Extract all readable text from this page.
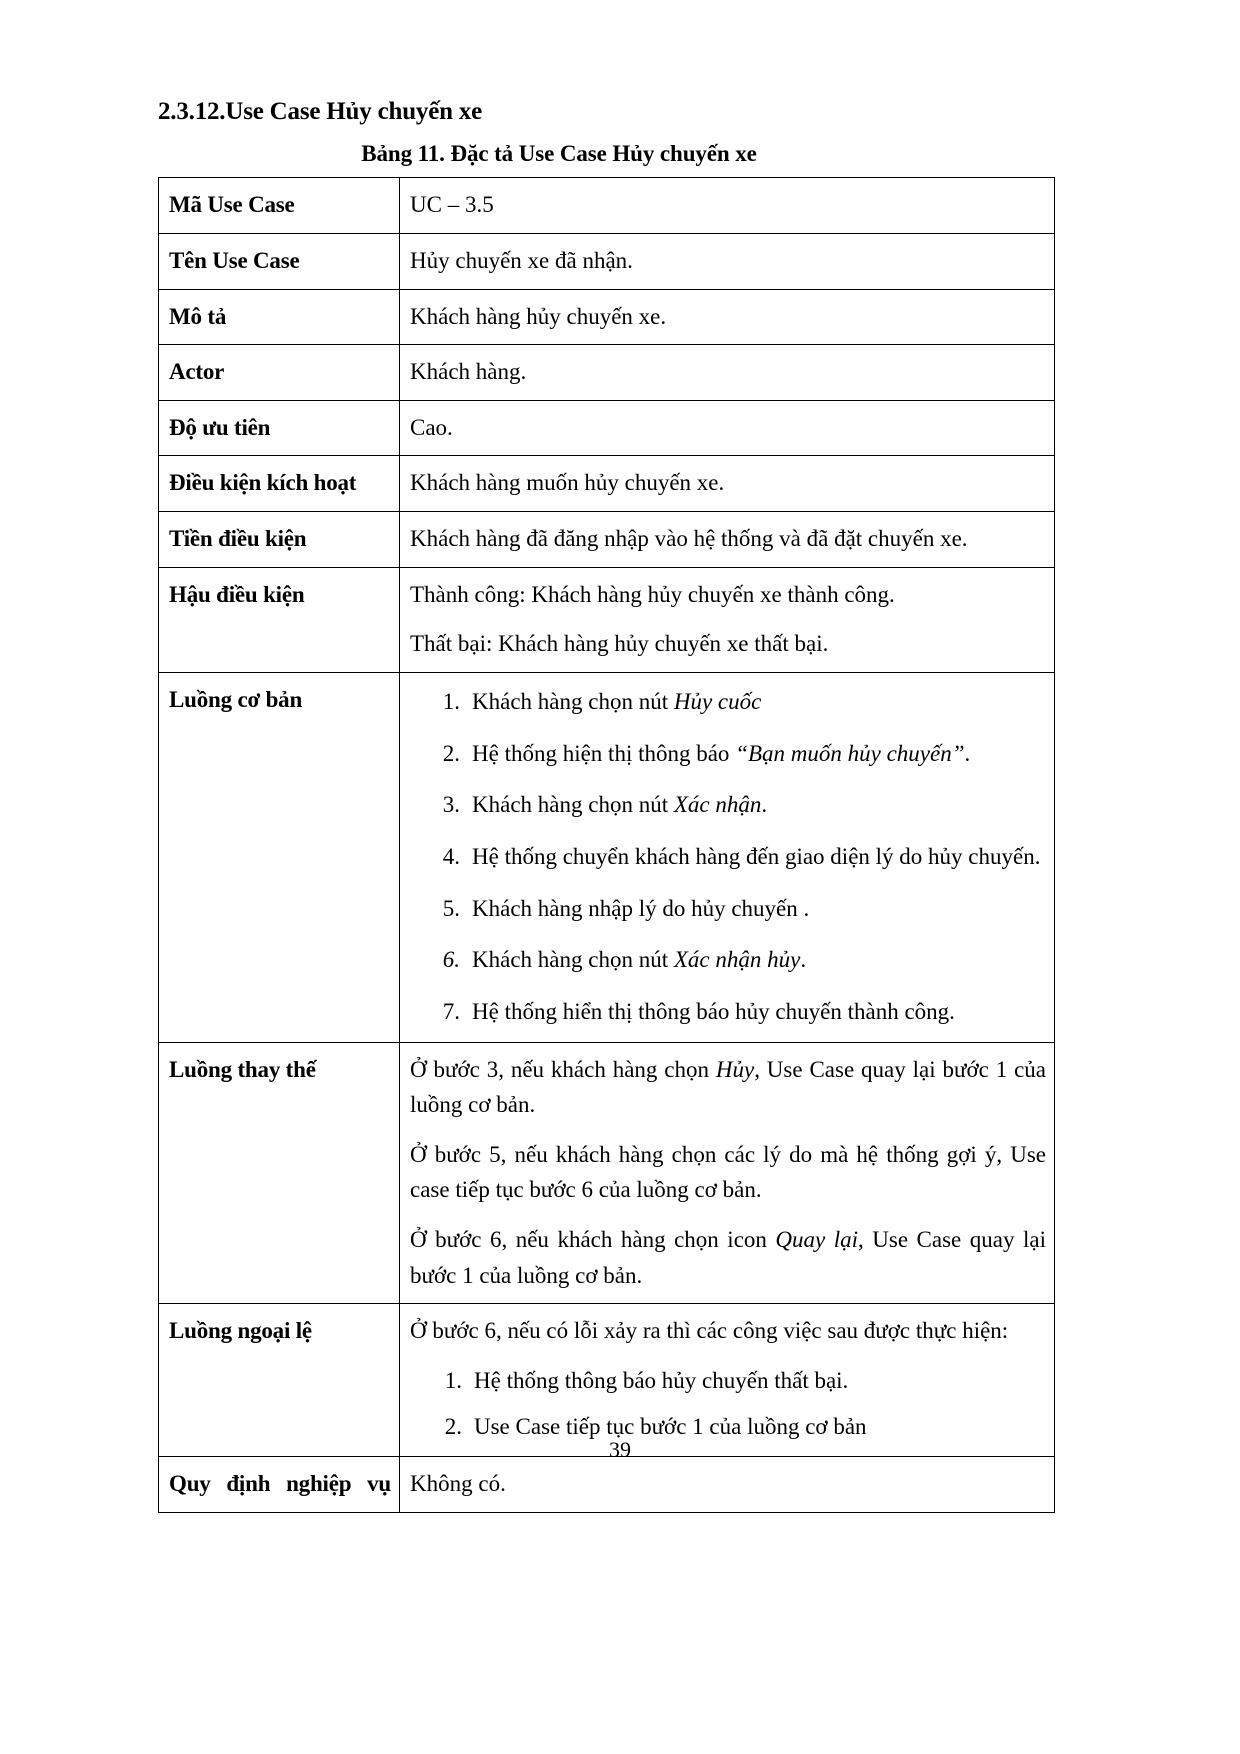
2.3.12.Use Case Hủy chuyến xe
Bảng 11. Đặc tả Use Case Hủy chuyến xe
Mã Use Case	UC – 3.5
Tên Use Case	Hủy chuyến xe đã nhận.
Mô tả	Khách hàng hủy chuyến xe.
Actor	Khách hàng.
Độ ưu tiên	Cao.
Điều kiện kích hoạt	Khách hàng muốn hủy chuyến xe.
Tiền điều kiện	Khách hàng đã đăng nhập vào hệ thống và đã đặt chuyến xe.
Hậu điều kiện	Thành công: Khách hàng hủy chuyến xe thành công.

Thất bại: Khách hàng hủy chuyến xe thất bại.

Luồng cơ bản	Khách hàng chọn nút Hủy cuốc
Hệ thống hiện thị thông báo “Bạn muốn hủy chuyến”.
Khách hàng chọn nút Xác nhận.
Hệ thống chuyển khách hàng đến giao diện lý do hủy chuyến.
Khách hàng nhập lý do hủy chuyến .
Khách hàng chọn nút Xác nhận hủy.
Hệ thống hiển thị thông báo hủy chuyến thành công.

Luồng thay thế	Ở bước 3, nếu khách hàng chọn Hủy, Use Case quay lại bước 1 của luồng cơ bản.

Ở bước 5, nếu khách hàng chọn các lý do mà hệ thống gợi ý, Use case tiếp tục bước 6 của luồng cơ bản.

Ở bước 6, nếu khách hàng chọn icon Quay lại, Use Case quay lại bước 1 của luồng cơ bản.

Luồng ngoại lệ	Ở bước 6, nếu có lỗi xảy ra thì các công việc sau được thực hiện:

Hệ thống thông báo hủy chuyến thất bại.
Use Case tiếp tục bước 1 của luồng cơ bản

Quy định nghiệp vụ	Không có.
39
